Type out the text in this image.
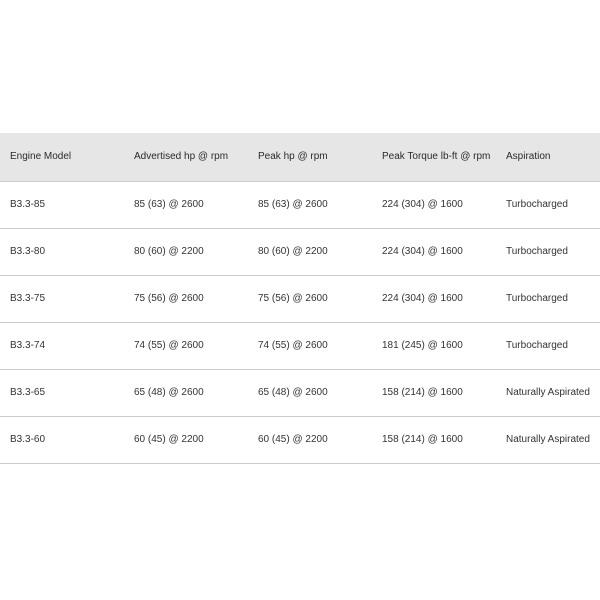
Engine Model	Advertised hp @ rpm	Peak hp @ rpm	Peak Torque lb-ft @ rpm	Aspiration
B3.3-85	85 (63) @ 2600	85 (63) @ 2600	224 (304) @ 1600	Turbocharged
B3.3-80	80 (60) @ 2200	80 (60) @ 2200	224 (304) @ 1600	Turbocharged
B3.3-75	75 (56) @ 2600	75 (56) @ 2600	224 (304) @ 1600	Turbocharged
B3.3-74	74 (55) @ 2600	74 (55) @ 2600	181 (245) @ 1600	Turbocharged
B3.3-65	65 (48) @ 2600	65 (48) @ 2600	158 (214) @ 1600	Naturally Aspirated
B3.3-60	60 (45) @ 2200	60 (45) @ 2200	158 (214) @ 1600	Naturally Aspirated
